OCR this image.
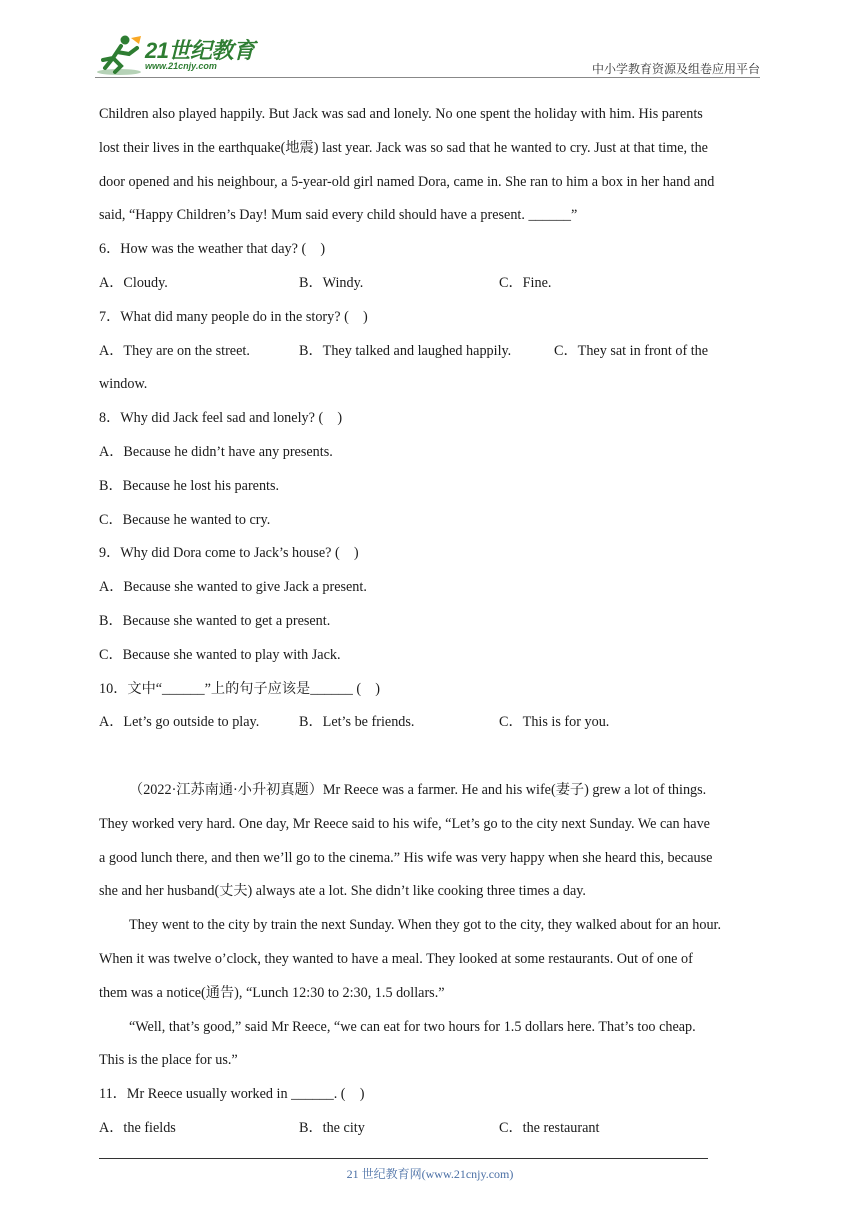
21世纪教育
www.21cnjy.com	中小学教育资源及组卷应用平台
Children also played happily. But Jack was sad and lonely. No one spent the holiday with him. His parents
lost their lives in the earthquake(地震) last year. Jack was so sad that he wanted to cry. Just at that time, the
door opened and his neighbour, a 5-year-old girl named Dora, came in. She ran to him a box in her hand and
said, “Happy Children’s Day! Mum said every child should have a present. ______”
6．How was the weather that day? (　)
A．Cloudy.	B．Windy.	C．Fine.
7．What did many people do in the story? (　)
A．They are on the street.	B．They talked and laughed happily.	C．They sat in front of the
window.
8．Why did Jack feel sad and lonely? (　)
A．Because he didn’t have any presents.
B．Because he lost his parents.
C．Because he wanted to cry.
9．Why did Dora come to Jack’s house? (　)
A．Because she wanted to give Jack a present.
B．Because she wanted to get a present.
C．Because she wanted to play with Jack.
10．文中“______”上的句子应该是______ (　)
A．Let’s go outside to play.	B．Let’s be friends.	C．This is for you.
（2022·江苏南通·小升初真题）Mr Reece was a farmer. He and his wife(妻子) grew a lot of things.
They worked very hard. One day, Mr Reece said to his wife, “Let’s go to the city next Sunday. We can have
a good lunch there, and then we’ll go to the cinema.” His wife was very happy when she heard this, because
she and her husband(丈夫) always ate a lot. She didn’t like cooking three times a day.
They went to the city by train the next Sunday. When they got to the city, they walked about for an hour.
When it was twelve o’clock, they wanted to have a meal. They looked at some restaurants. Out of one of
them was a notice(通告), “Lunch 12:30 to 2:30, 1.5 dollars.”
“Well, that’s good,” said Mr Reece, “we can eat for two hours for 1.5 dollars here. That’s too cheap.
This is the place for us.”
11．Mr Reece usually worked in ______. (　)
A．the fields	B．the city	C．the restaurant
21 世纪教育网(www.21cnjy.com)
